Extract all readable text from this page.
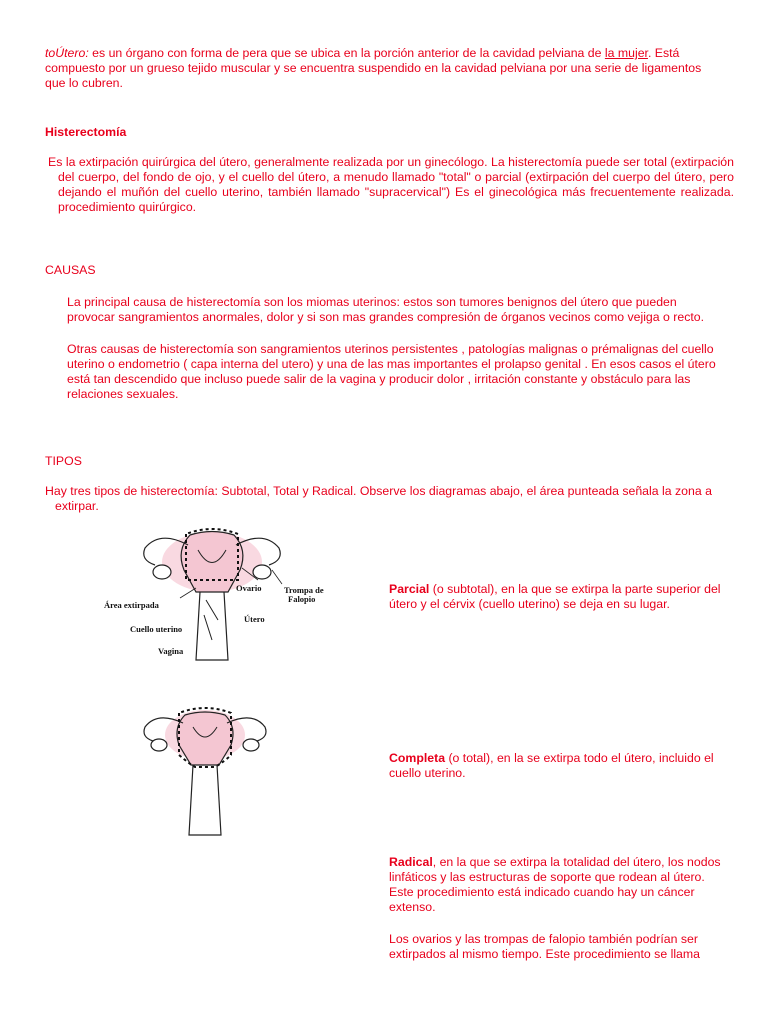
toÚtero: es un órgano con forma de pera que se ubica en la porción anterior de la cavidad pelviana de la mujer. Está compuesto por un grueso tejido muscular y se encuentra suspendido en la cavidad pelviana por una serie de ligamentos que lo cubren.

Histerectomía

Es la extirpación quirúrgica del útero, generalmente realizada por un ginecólogo. La histerectomía puede ser total (extirpación del cuerpo, del fondo de ojo, y el cuello del útero, a menudo llamado "total" o parcial (extirpación del cuerpo del útero, pero dejando el muñón del cuello uterino, también llamado "supracervical") Es el ginecológica más frecuentemente realizada. procedimiento quirúrgico.

CAUSAS

La principal causa de histerectomía son los miomas uterinos: estos son tumores benignos del útero que pueden provocar sangramientos anormales, dolor y si son mas grandes compresión de órganos vecinos como vejiga o recto.

Otras causas de histerectomía son sangramientos uterinos persistentes , patologías malignas o prémalignas del cuello uterino o endometrio ( capa interna del utero) y una de las mas importantes el prolapso genital . En esos casos el útero está tan descendido que incluso puede salir de la vagina y producir dolor , irritación constante y obstáculo para las relaciones sexuales.

TIPOS

Hay tres tipos de histerectomía: Subtotal, Total y Radical. Observe los diagramas abajo, el área punteada señala la zona a extirpar.

Ovario	Trompa de
Falopio
Área extirpada
Útero
Cuello uterino
Vagina

Parcial (o subtotal), en la que se extirpa la parte superior del útero y el cérvix (cuello uterino) se deja en su lugar.

Completa (o total), en la se extirpa todo el útero, incluido el cuello uterino.

Radical, en la que se extirpa la totalidad del útero, los nodos linfáticos y las estructuras de soporte que rodean al útero. Este procedimiento está indicado cuando hay un cáncer extenso.

Los ovarios y las trompas de falopio también podrían ser extirpados al mismo tiempo. Este procedimiento se llama
